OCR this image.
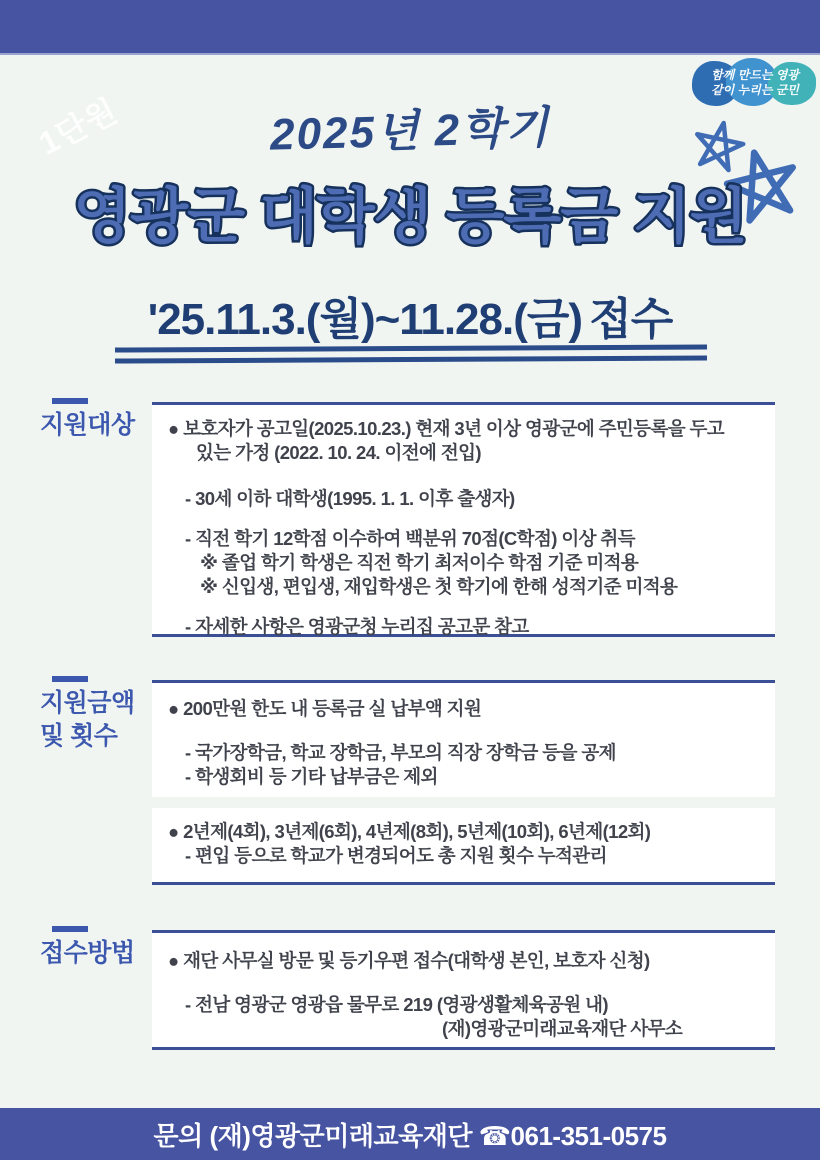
함께 만드는 영광
같이 누리는 군민
1단원	2025년 2학기
영광군 대학생 등록금 지원
'25.11.3.(월)~11.28.(금) 접수
지원대상	● 보호자가 공고일(2025.10.23.) 현재 3년 이상 영광군에 주민등록을 두고

있는 가정 (2022. 10. 24. 이전에 전입)

- 30세 이하 대학생(1995. 1. 1. 이후 출생자)

- 직전 학기 12학점 이수하여 백분위 70점(C학점) 이상 취득

※ 졸업 학기 학생은 직전 학기 최저이수 학점 기준 미적용

※ 신입생, 편입생, 재입학생은 첫 학기에 한해 성적기준 미적용

- 자세한 사항은 영광군청 누리집 공고문 참고

지원금액
및 횟수

● 200만원 한도 내 등록금 실 납부액 지원

- 국가장학금, 학교 장학금, 부모의 직장 장학금 등을 공제

- 학생회비 등 기타 납부금은 제외

● 2년제(4회), 3년제(6회), 4년제(8회), 5년제(10회), 6년제(12회)

- 편입 등으로 학교가 변경되어도 총 지원 횟수 누적관리

접수방법	● 재단 사무실 방문 및 등기우편 접수(대학생 본인, 보호자 신청)

- 전남 영광군 영광읍 물무로 219 (영광생활체육공원 내)

(재)영광군미래교육재단 사무소

문의 (재)영광군미래교육재단 ☎061-351-0575
